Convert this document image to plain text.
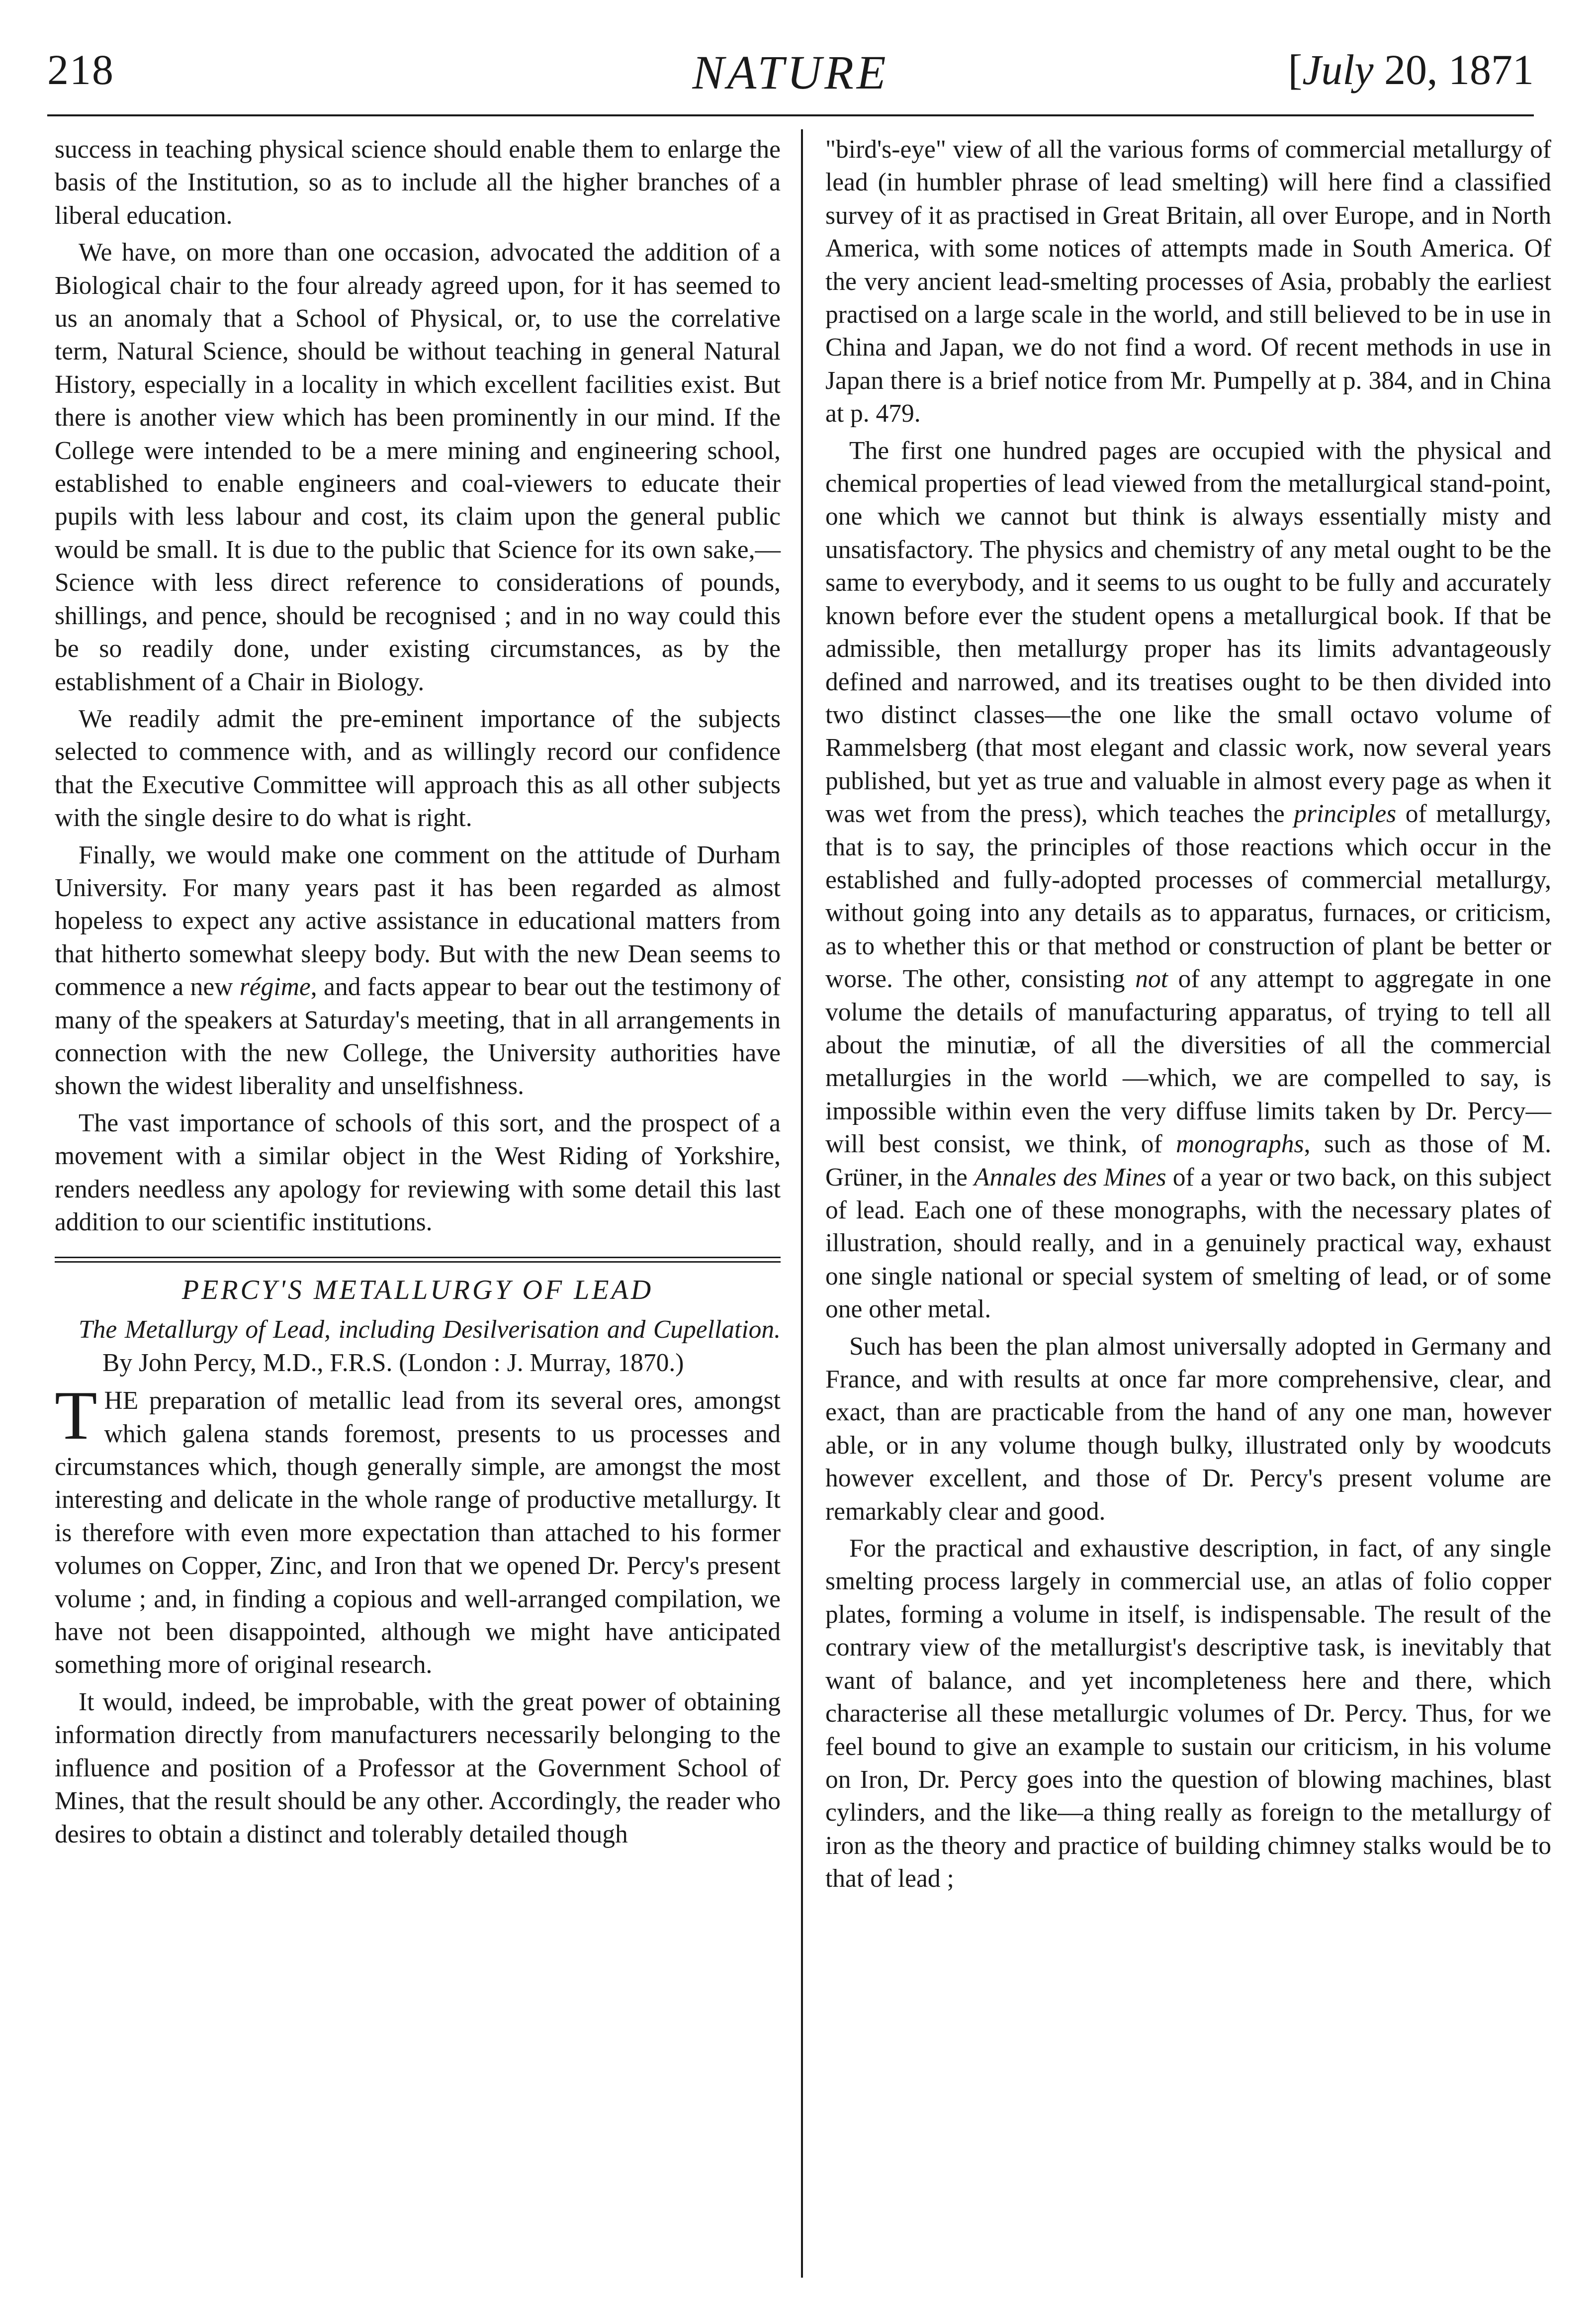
218	NATURE	[July 20, 1871

success in teaching physical science should enable them to enlarge the basis of the Institution, so as to include all the higher branches of a liberal education.

We have, on more than one occasion, advocated the addition of a Biological chair to the four already agreed upon, for it has seemed to us an anomaly that a School of Physical, or, to use the correlative term, Natural Science, should be without teaching in general Natural History, especially in a locality in which excellent facilities exist. But there is another view which has been prominently in our mind. If the College were intended to be a mere mining and engineering school, established to enable engineers and coal-viewers to educate their pupils with less labour and cost, its claim upon the general public would be small. It is due to the public that Science for its own sake,—Science with less direct reference to considerations of pounds, shillings, and pence, should be recognised ; and in no way could this be so readily done, under existing circumstances, as by the establishment of a Chair in Biology.

We readily admit the pre-eminent importance of the subjects selected to commence with, and as willingly record our confidence that the Executive Committee will approach this as all other subjects with the single desire to do what is right.

Finally, we would make one comment on the attitude of Durham University. For many years past it has been regarded as almost hopeless to expect any active assistance in educational matters from that hitherto somewhat sleepy body. But with the new Dean seems to commence a new régime, and facts appear to bear out the testimony of many of the speakers at Saturday's meeting, that in all arrangements in connection with the new College, the University authorities have shown the widest liberality and unselfishness.

The vast importance of schools of this sort, and the prospect of a movement with a similar object in the West Riding of Yorkshire, renders needless any apology for reviewing with some detail this last addition to our scientific institutions.

PERCY'S METALLURGY OF LEAD
The Metallurgy of Lead, including Desilverisation and Cupellation. By John Percy, M.D., F.R.S. (London : J. Murray, 1870.)

THE preparation of metallic lead from its several ores, amongst which galena stands foremost, presents to us processes and circumstances which, though generally simple, are amongst the most interesting and delicate in the whole range of productive metallurgy. It is therefore with even more expectation than attached to his former volumes on Copper, Zinc, and Iron that we opened Dr. Percy's present volume ; and, in finding a copious and well-arranged compilation, we have not been disappointed, although we might have anticipated something more of original research.

It would, indeed, be improbable, with the great power of obtaining information directly from manufacturers necessarily belonging to the influence and position of a Professor at the Government School of Mines, that the result should be any other. Accordingly, the reader who desires to obtain a distinct and tolerably detailed though

"bird's-eye" view of all the various forms of commercial metallurgy of lead (in humbler phrase of lead smelting) will here find a classified survey of it as practised in Great Britain, all over Europe, and in North America, with some notices of attempts made in South America. Of the very ancient lead-smelting processes of Asia, probably the earliest practised on a large scale in the world, and still believed to be in use in China and Japan, we do not find a word. Of recent methods in use in Japan there is a brief notice from Mr. Pumpelly at p. 384, and in China at p. 479.

The first one hundred pages are occupied with the physical and chemical properties of lead viewed from the metallurgical stand-point, one which we cannot but think is always essentially misty and unsatisfactory. The physics and chemistry of any metal ought to be the same to everybody, and it seems to us ought to be fully and accurately known before ever the student opens a metallurgical book. If that be admissible, then metallurgy proper has its limits advantageously defined and narrowed, and its treatises ought to be then divided into two distinct classes—the one like the small octavo volume of Rammelsberg (that most elegant and classic work, now several years published, but yet as true and valuable in almost every page as when it was wet from the press), which teaches the principles of metallurgy, that is to say, the principles of those reactions which occur in the established and fully-adopted processes of commercial metallurgy, without going into any details as to apparatus, furnaces, or criticism, as to whether this or that method or construction of plant be better or worse. The other, consisting not of any attempt to aggregate in one volume the details of manufacturing apparatus, of trying to tell all about the minutiæ, of all the diversities of all the commercial metallurgies in the world —which, we are compelled to say, is impossible within even the very diffuse limits taken by Dr. Percy—will best consist, we think, of monographs, such as those of M. Grüner, in the Annales des Mines of a year or two back, on this subject of lead. Each one of these monographs, with the necessary plates of illustration, should really, and in a genuinely practical way, exhaust one single national or special system of smelting of lead, or of some one other metal.

Such has been the plan almost universally adopted in Germany and France, and with results at once far more comprehensive, clear, and exact, than are practicable from the hand of any one man, however able, or in any volume though bulky, illustrated only by woodcuts however excellent, and those of Dr. Percy's present volume are remarkably clear and good.

For the practical and exhaustive description, in fact, of any single smelting process largely in commercial use, an atlas of folio copper plates, forming a volume in itself, is indispensable. The result of the contrary view of the metallurgist's descriptive task, is inevitably that want of balance, and yet incompleteness here and there, which characterise all these metallurgic volumes of Dr. Percy. Thus, for we feel bound to give an example to sustain our criticism, in his volume on Iron, Dr. Percy goes into the question of blowing machines, blast cylinders, and the like—a thing really as foreign to the metallurgy of iron as the theory and practice of building chimney stalks would be to that of lead ;
